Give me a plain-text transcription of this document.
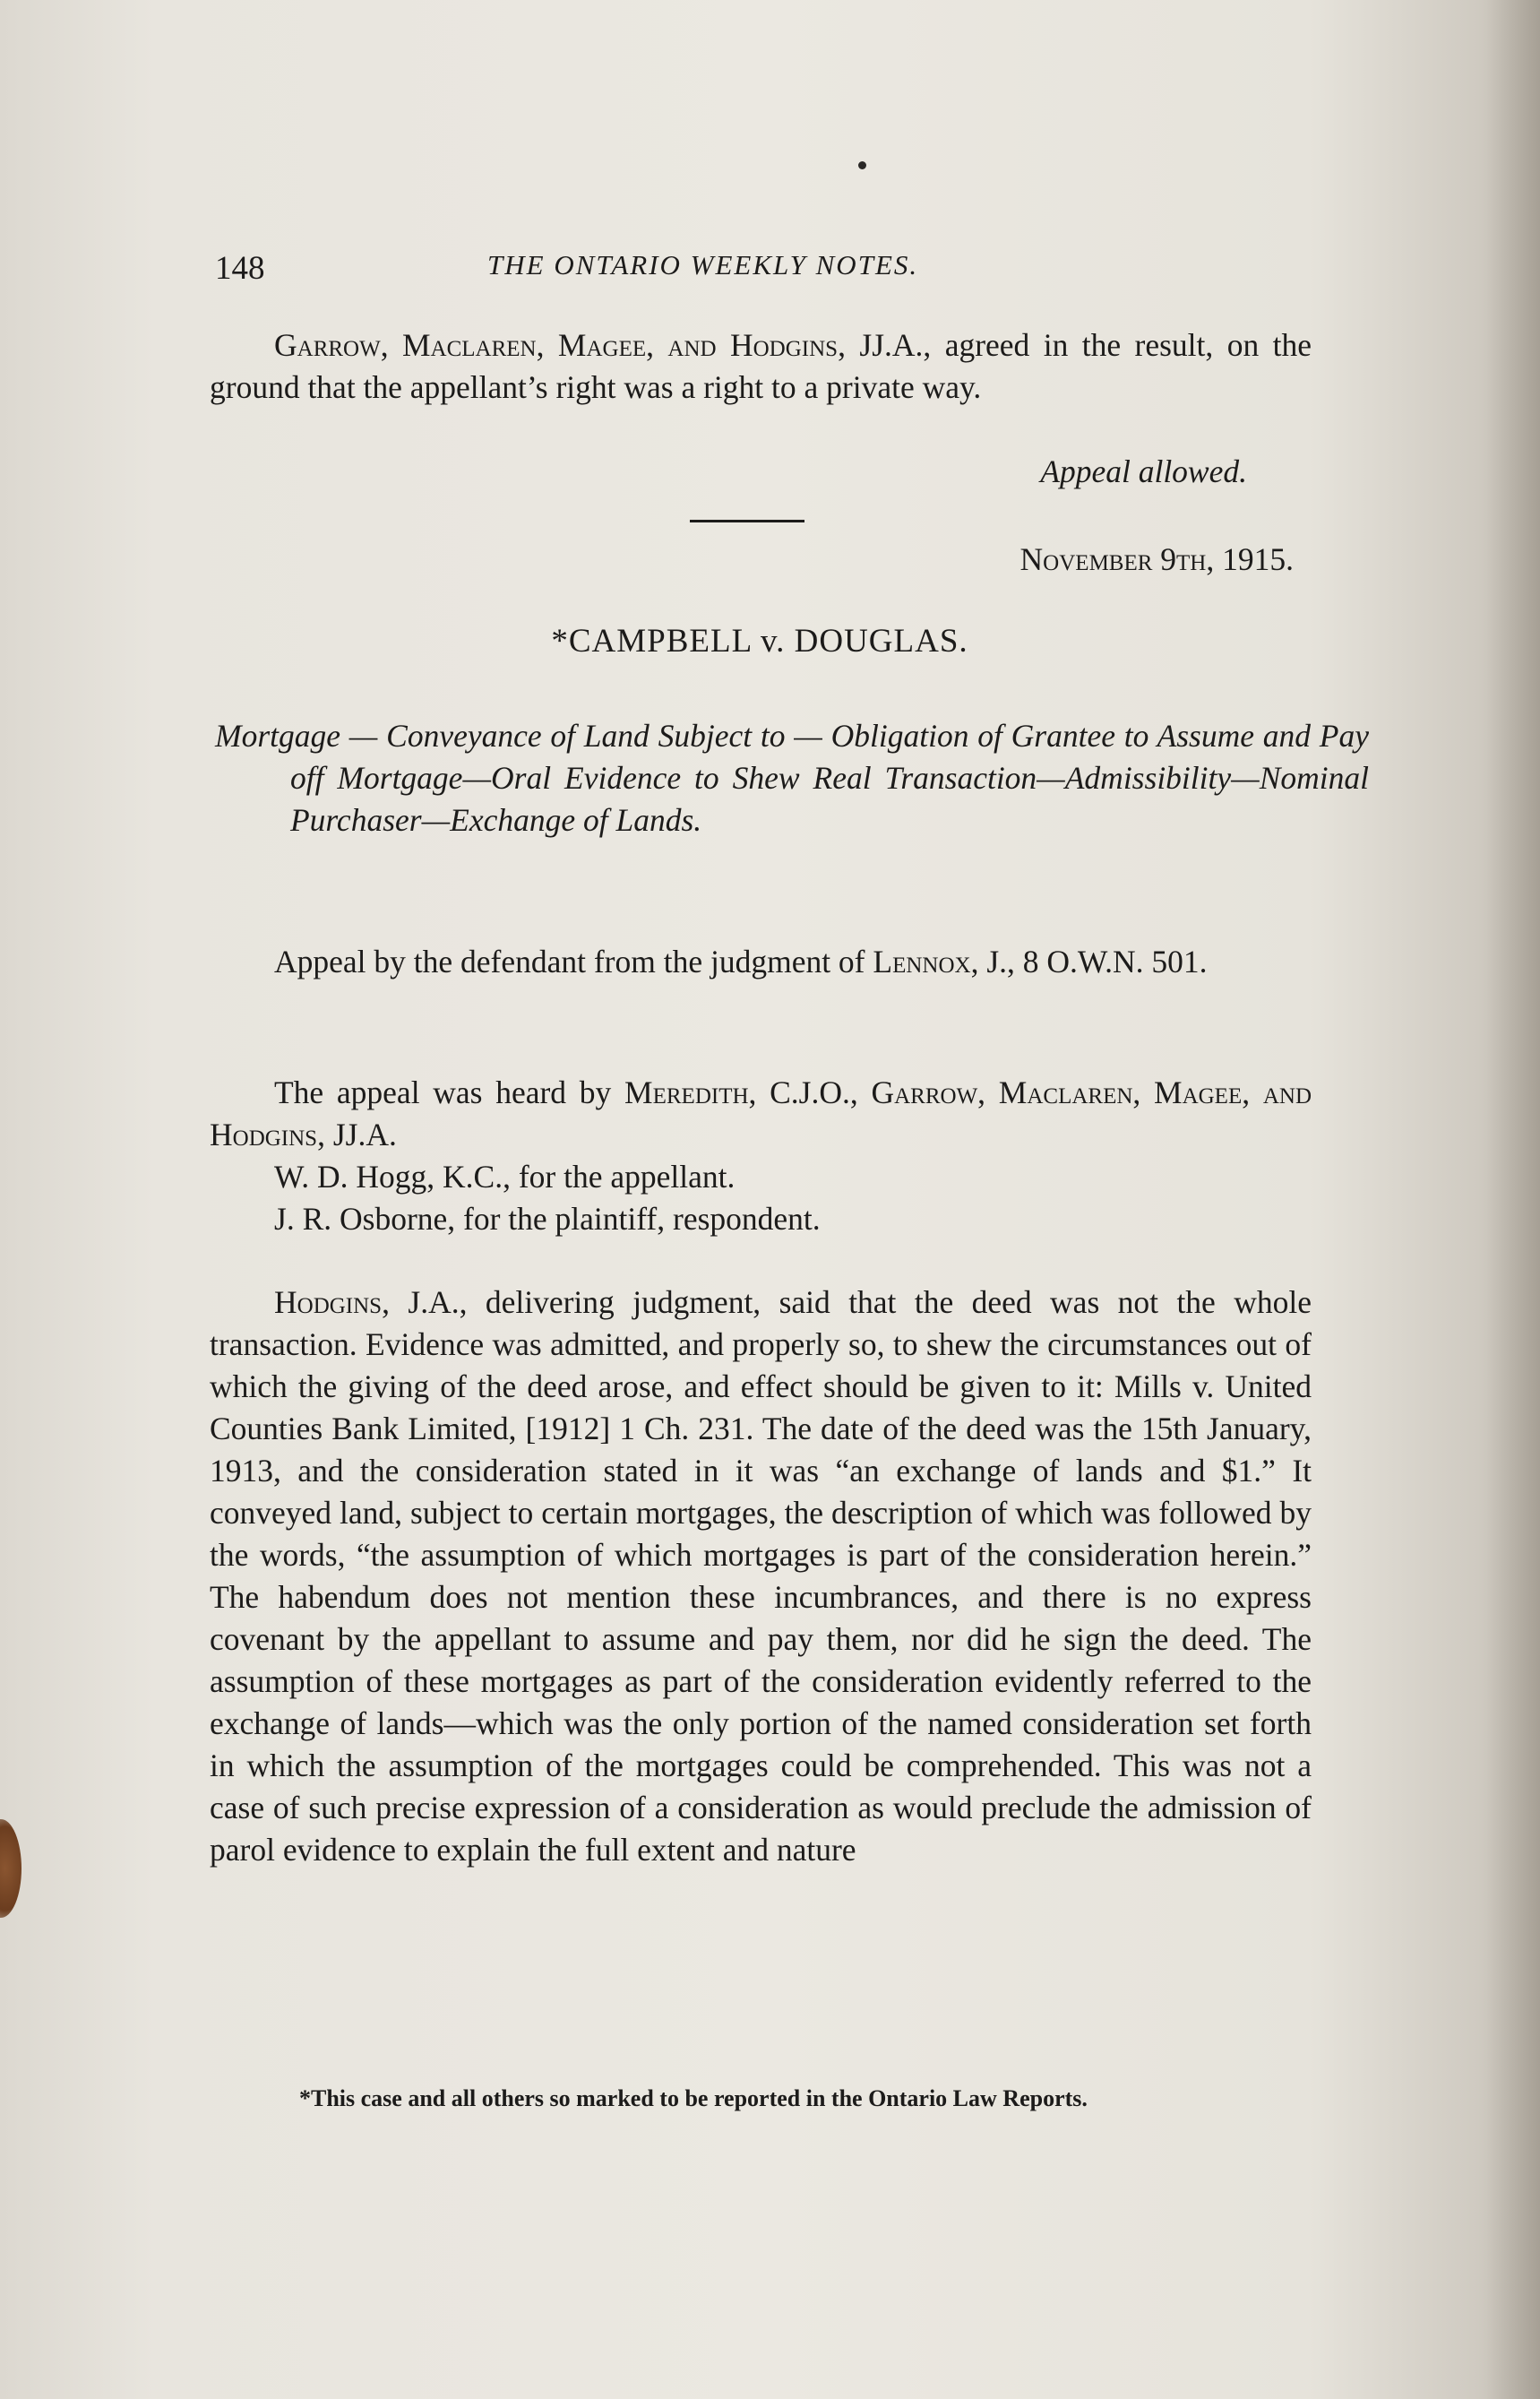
148	THE ONTARIO WEEKLY NOTES.

Garrow, Maclaren, Magee, and Hodgins, JJ.A., agreed in the result, on the ground that the appellant’s right was a right to a private way.

Appeal allowed.
November 9th, 1915.
*CAMPBELL v. DOUGLAS.

Mortgage — Conveyance of Land Subject to — Obligation of Grantee to Assume and Pay off Mortgage—Oral Evidence to Shew Real Transaction—Admissibility—Nominal Purchaser—Exchange of Lands.

Appeal by the defendant from the judgment of Lennox, J., 8 O.W.N. 501.

The appeal was heard by Meredith, C.J.O., Garrow, Maclaren, Magee, and Hodgins, JJ.A.

W. D. Hogg, K.C., for the appellant.

J. R. Osborne, for the plaintiff, respondent.

Hodgins, J.A., delivering judgment, said that the deed was not the whole transaction. Evidence was admitted, and properly so, to shew the circumstances out of which the giving of the deed arose, and effect should be given to it: Mills v. United Counties Bank Limited, [1912] 1 Ch. 231. The date of the deed was the 15th January, 1913, and the consideration stated in it was “an exchange of lands and $1.” It conveyed land, subject to certain mortgages, the description of which was followed by the words, “the assumption of which mortgages is part of the consideration herein.” The habendum does not mention these incumbrances, and there is no express covenant by the appellant to assume and pay them, nor did he sign the deed. The assumption of these mortgages as part of the consideration evidently referred to the exchange of lands—which was the only portion of the named consideration set forth in which the assumption of the mortgages could be comprehended. This was not a case of such precise expression of a consideration as would preclude the admission of parol evidence to explain the full extent and nature

*This case and all others so marked to be reported in the Ontario Law Reports.
